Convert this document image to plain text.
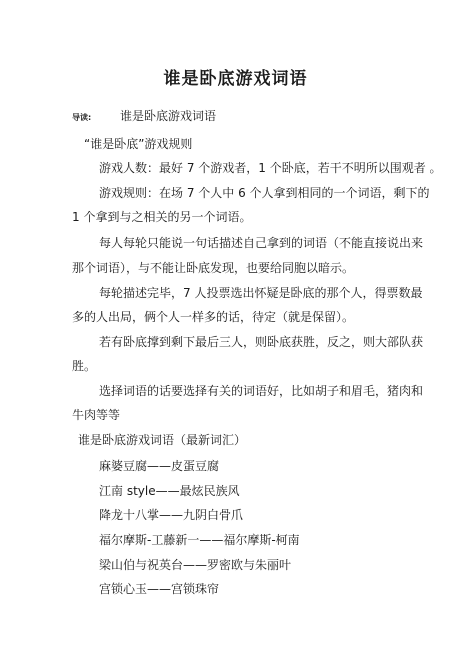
谁是卧底游戏词语
导读: 谁是卧底游戏词语
“谁是卧底”游戏规则
游戏人数：最好 7 个游戏者，1 个卧底，若干不明所以围观者 。
游戏规则：在场 7 个人中 6 个人拿到相同的一个词语，剩下的
1 个拿到与之相关的另一个词语。
每人每轮只能说一句话描述自己拿到的词语（不能直接说出来
那个词语），与不能让卧底发现，也要给同胞以暗示。
每轮描述完毕，7 人投票选出怀疑是卧底的那个人，得票数最
多的人出局，俩个人一样多的话，待定（就是保留）。
若有卧底撑到剩下最后三人，则卧底获胜，反之，则大部队获
胜。
选择词语的话要选择有关的词语好，比如胡子和眉毛，猪肉和
牛肉等等
谁是卧底游戏词语（最新词汇）
麻婆豆腐——皮蛋豆腐
江南 style——最炫民族风
降龙十八掌——九阴白骨爪
福尔摩斯-工藤新一——福尔摩斯-柯南
梁山伯与祝英台——罗密欧与朱丽叶
宫锁心玉——宫锁珠帘
